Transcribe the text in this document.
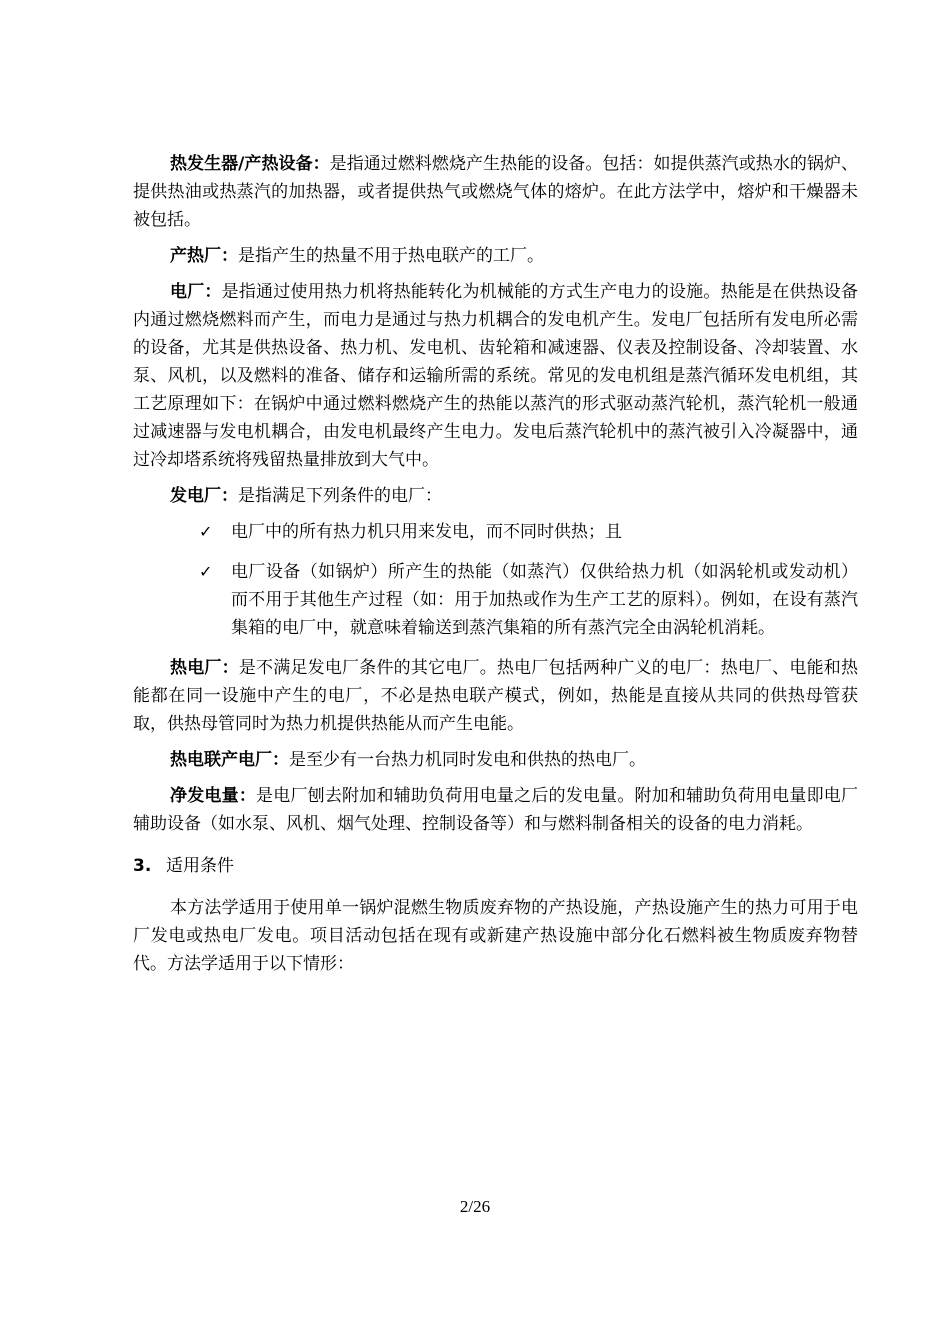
热发生器/产热设备：是指通过燃料燃烧产生热能的设备。包括：如提供蒸汽或热水的锅炉、提供热油或热蒸汽的加热器，或者提供热气或燃烧气体的熔炉。在此方法学中，熔炉和干燥器未被包括。

产热厂：是指产生的热量不用于热电联产的工厂。

电厂：是指通过使用热力机将热能转化为机械能的方式生产电力的设施。热能是在供热设备内通过燃烧燃料而产生，而电力是通过与热力机耦合的发电机产生。发电厂包括所有发电所必需的设备，尤其是供热设备、热力机、发电机、齿轮箱和减速器、仪表及控制设备、冷却装置、水泵、风机，以及燃料的准备、储存和运输所需的系统。常见的发电机组是蒸汽循环发电机组，其工艺原理如下：在锅炉中通过燃料燃烧产生的热能以蒸汽的形式驱动蒸汽轮机，蒸汽轮机一般通过减速器与发电机耦合，由发电机最终产生电力。发电后蒸汽轮机中的蒸汽被引入冷凝器中，通过冷却塔系统将残留热量排放到大气中。

发电厂：是指满足下列条件的电厂：

✓ 电厂中的所有热力机只用来发电，而不同时供热；且
✓ 电厂设备（如锅炉）所产生的热能（如蒸汽）仅供给热力机（如涡轮机或发动机）而不用于其他生产过程（如：用于加热或作为生产工艺的原料）。例如，在设有蒸汽集箱的电厂中，就意味着输送到蒸汽集箱的所有蒸汽完全由涡轮机消耗。

热电厂：是不满足发电厂条件的其它电厂。热电厂包括两种广义的电厂：热电厂、电能和热能都在同一设施中产生的电厂，不必是热电联产模式，例如，热能是直接从共同的供热母管获取，供热母管同时为热力机提供热能从而产生电能。

热电联产电厂：是至少有一台热力机同时发电和供热的热电厂。

净发电量：是电厂刨去附加和辅助负荷用电量之后的发电量。附加和辅助负荷用电量即电厂辅助设备（如水泵、风机、烟气处理、控制设备等）和与燃料制备相关的设备的电力消耗。

3. 适用条件

本方法学适用于使用单一锅炉混燃生物质废弃物的产热设施，产热设施产生的热力可用于电厂发电或热电厂发电。项目活动包括在现有或新建产热设施中部分化石燃料被生物质废弃物替代。方法学适用于以下情形：

2/26
